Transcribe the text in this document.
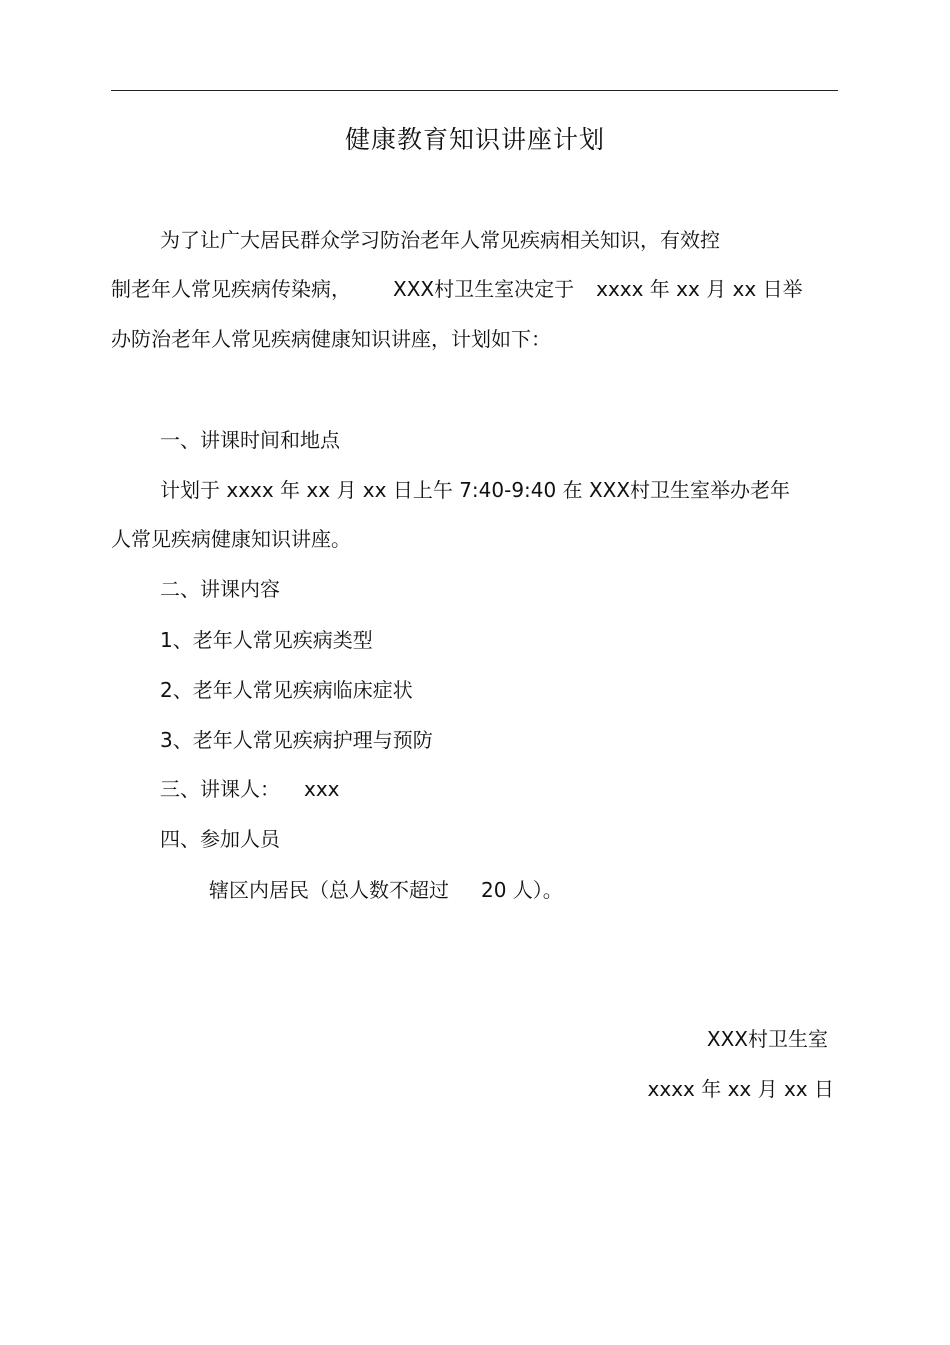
健康教育知识讲座计划
为了让广大居民群众学习防治老年人常见疾病相关知识，有效控
制老年人常见疾病传染病， XXX村卫生室决定于 xxxx 年 xx 月 xx 日举
办防治老年人常见疾病健康知识讲座，计划如下：
一、讲课时间和地点
计划于 xxxx 年 xx 月 xx 日上午 7:40-9:40 在 XXX村卫生室举办老年
人常见疾病健康知识讲座。
二、讲课内容
1、老年人常见疾病类型
2、老年人常见疾病临床症状
3、老年人常见疾病护理与预防
三、讲课人： xxx
四、参加人员
辖区内居民（总人数不超过 20 人）。
XXX村卫生室
xxxx 年 xx 月 xx 日
